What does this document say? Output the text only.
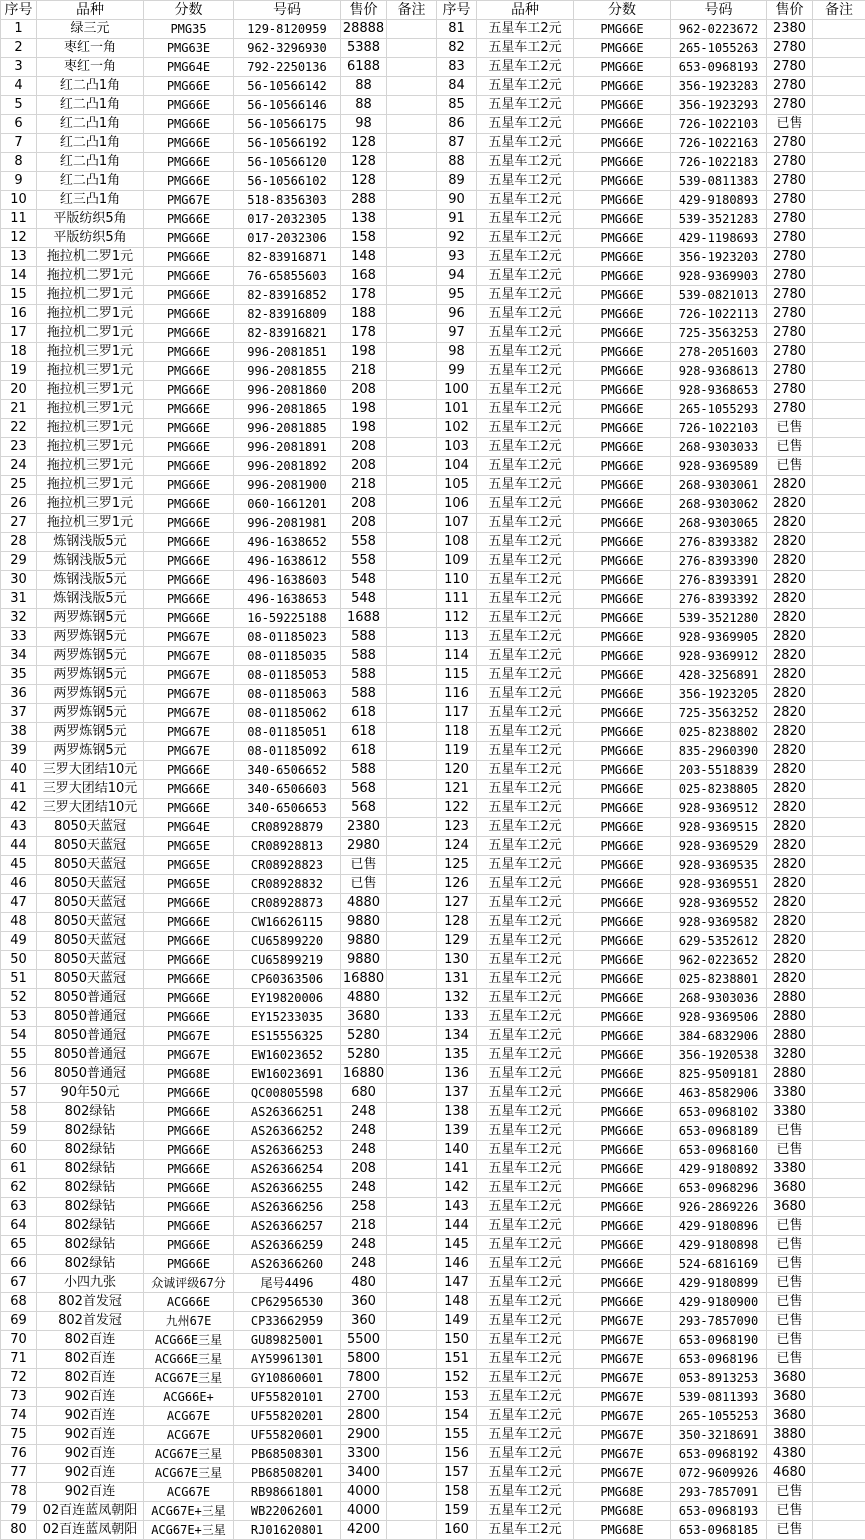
序号	品种	分数	号码	售价	备注	序号	品种	分数	号码	售价	备注
1	绿三元	PMG35	129-8120959	28888		81	五星车工2元	PMG66E	962-0223672	2380	
2	枣红一角	PMG63E	962-3296930	5388		82	五星车工2元	PMG66E	265-1055263	2780	
3	枣红一角	PMG64E	792-2250136	6188		83	五星车工2元	PMG66E	653-0968193	2780	
4	红二凸1角	PMG66E	56-10566142	88		84	五星车工2元	PMG66E	356-1923283	2780	
5	红二凸1角	PMG66E	56-10566146	88		85	五星车工2元	PMG66E	356-1923293	2780	
6	红二凸1角	PMG66E	56-10566175	98		86	五星车工2元	PMG66E	726-1022103	已售	
7	红二凸1角	PMG66E	56-10566192	128		87	五星车工2元	PMG66E	726-1022163	2780	
8	红二凸1角	PMG66E	56-10566120	128		88	五星车工2元	PMG66E	726-1022183	2780	
9	红二凸1角	PMG66E	56-10566102	128		89	五星车工2元	PMG66E	539-0811383	2780	
10	红三凸1角	PMG67E	518-8356303	288		90	五星车工2元	PMG66E	429-9180893	2780	
11	平版纺织5角	PMG66E	017-2032305	138		91	五星车工2元	PMG66E	539-3521283	2780	
12	平版纺织5角	PMG66E	017-2032306	158		92	五星车工2元	PMG66E	429-1198693	2780	
13	拖拉机二罗1元	PMG66E	82-83916871	148		93	五星车工2元	PMG66E	356-1923203	2780	
14	拖拉机二罗1元	PMG66E	76-65855603	168		94	五星车工2元	PMG66E	928-9369903	2780	
15	拖拉机二罗1元	PMG66E	82-83916852	178		95	五星车工2元	PMG66E	539-0821013	2780	
16	拖拉机二罗1元	PMG66E	82-83916809	188		96	五星车工2元	PMG66E	726-1022113	2780	
17	拖拉机二罗1元	PMG66E	82-83916821	178		97	五星车工2元	PMG66E	725-3563253	2780	
18	拖拉机三罗1元	PMG66E	996-2081851	198		98	五星车工2元	PMG66E	278-2051603	2780	
19	拖拉机三罗1元	PMG66E	996-2081855	218		99	五星车工2元	PMG66E	928-9368613	2780	
20	拖拉机三罗1元	PMG66E	996-2081860	208		100	五星车工2元	PMG66E	928-9368653	2780	
21	拖拉机三罗1元	PMG66E	996-2081865	198		101	五星车工2元	PMG66E	265-1055293	2780	
22	拖拉机三罗1元	PMG66E	996-2081885	198		102	五星车工2元	PMG66E	726-1022103	已售	
23	拖拉机三罗1元	PMG66E	996-2081891	208		103	五星车工2元	PMG66E	268-9303033	已售	
24	拖拉机三罗1元	PMG66E	996-2081892	208		104	五星车工2元	PMG66E	928-9369589	已售	
25	拖拉机三罗1元	PMG66E	996-2081900	218		105	五星车工2元	PMG66E	268-9303061	2820	
26	拖拉机三罗1元	PMG66E	060-1661201	208		106	五星车工2元	PMG66E	268-9303062	2820	
27	拖拉机三罗1元	PMG66E	996-2081981	208		107	五星车工2元	PMG66E	268-9303065	2820	
28	炼钢浅版5元	PMG66E	496-1638652	558		108	五星车工2元	PMG66E	276-8393382	2820	
29	炼钢浅版5元	PMG66E	496-1638612	558		109	五星车工2元	PMG66E	276-8393390	2820	
30	炼钢浅版5元	PMG66E	496-1638603	548		110	五星车工2元	PMG66E	276-8393391	2820	
31	炼钢浅版5元	PMG66E	496-1638653	548		111	五星车工2元	PMG66E	276-8393392	2820	
32	两罗炼钢5元	PMG66E	16-59225188	1688		112	五星车工2元	PMG66E	539-3521280	2820	
33	两罗炼钢5元	PMG67E	08-01185023	588		113	五星车工2元	PMG66E	928-9369905	2820	
34	两罗炼钢5元	PMG67E	08-01185035	588		114	五星车工2元	PMG66E	928-9369912	2820	
35	两罗炼钢5元	PMG67E	08-01185053	588		115	五星车工2元	PMG66E	428-3256891	2820	
36	两罗炼钢5元	PMG67E	08-01185063	588		116	五星车工2元	PMG66E	356-1923205	2820	
37	两罗炼钢5元	PMG67E	08-01185062	618		117	五星车工2元	PMG66E	725-3563252	2820	
38	两罗炼钢5元	PMG67E	08-01185051	618		118	五星车工2元	PMG66E	025-8238802	2820	
39	两罗炼钢5元	PMG67E	08-01185092	618		119	五星车工2元	PMG66E	835-2960390	2820	
40	三罗大团结10元	PMG66E	340-6506652	588		120	五星车工2元	PMG66E	203-5518839	2820	
41	三罗大团结10元	PMG66E	340-6506603	568		121	五星车工2元	PMG66E	025-8238805	2820	
42	三罗大团结10元	PMG66E	340-6506653	568		122	五星车工2元	PMG66E	928-9369512	2820	
43	8050天蓝冠	PMG64E	CR08928879	2380		123	五星车工2元	PMG66E	928-9369515	2820	
44	8050天蓝冠	PMG65E	CR08928813	2980		124	五星车工2元	PMG66E	928-9369529	2820	
45	8050天蓝冠	PMG65E	CR08928823	已售		125	五星车工2元	PMG66E	928-9369535	2820	
46	8050天蓝冠	PMG65E	CR08928832	已售		126	五星车工2元	PMG66E	928-9369551	2820	
47	8050天蓝冠	PMG66E	CR08928873	4880		127	五星车工2元	PMG66E	928-9369552	2820	
48	8050天蓝冠	PMG66E	CW16626115	9880		128	五星车工2元	PMG66E	928-9369582	2820	
49	8050天蓝冠	PMG66E	CU65899220	9880		129	五星车工2元	PMG66E	629-5352612	2820	
50	8050天蓝冠	PMG66E	CU65899219	9880		130	五星车工2元	PMG66E	962-0223652	2820	
51	8050天蓝冠	PMG66E	CP60363506	16880		131	五星车工2元	PMG66E	025-8238801	2820	
52	8050普通冠	PMG66E	EY19820006	4880		132	五星车工2元	PMG66E	268-9303036	2880	
53	8050普通冠	PMG66E	EY15233035	3680		133	五星车工2元	PMG66E	928-9369506	2880	
54	8050普通冠	PMG67E	ES15556325	5280		134	五星车工2元	PMG66E	384-6832906	2880	
55	8050普通冠	PMG67E	EW16023652	5280		135	五星车工2元	PMG66E	356-1920538	3280	
56	8050普通冠	PMG68E	EW16023691	16880		136	五星车工2元	PMG66E	825-9509181	2880	
57	90年50元	PMG66E	QC00805598	680		137	五星车工2元	PMG66E	463-8582906	3380	
58	802绿钻	PMG66E	AS26366251	248		138	五星车工2元	PMG66E	653-0968102	3380	
59	802绿钻	PMG66E	AS26366252	248		139	五星车工2元	PMG66E	653-0968189	已售	
60	802绿钻	PMG66E	AS26366253	248		140	五星车工2元	PMG66E	653-0968160	已售	
61	802绿钻	PMG66E	AS26366254	208		141	五星车工2元	PMG66E	429-9180892	3380	
62	802绿钻	PMG66E	AS26366255	248		142	五星车工2元	PMG66E	653-0968296	3680	
63	802绿钻	PMG66E	AS26366256	258		143	五星车工2元	PMG66E	926-2869226	3680	
64	802绿钻	PMG66E	AS26366257	218		144	五星车工2元	PMG66E	429-9180896	已售	
65	802绿钻	PMG66E	AS26366259	248		145	五星车工2元	PMG66E	429-9180898	已售	
66	802绿钻	PMG66E	AS26366260	248		146	五星车工2元	PMG66E	524-6816169	已售	
67	小四九张	众诚评级67分	尾号4496	480		147	五星车工2元	PMG66E	429-9180899	已售	
68	802首发冠	ACG66E	CP62956530	360		148	五星车工2元	PMG66E	429-9180900	已售	
69	802首发冠	九州67E	CP33662959	360		149	五星车工2元	PMG67E	293-7857090	已售	
70	802百连	ACG66E三星	GU89825001	5500		150	五星车工2元	PMG67E	653-0968190	已售	
71	802百连	ACG66E三星	AY59961301	5800		151	五星车工2元	PMG67E	653-0968196	已售	
72	802百连	ACG67E三星	GY10860601	7800		152	五星车工2元	PMG67E	053-8913253	3680	
73	902百连	ACG66E+	UF55820101	2700		153	五星车工2元	PMG67E	539-0811393	3680	
74	902百连	ACG67E	UF55820201	2800		154	五星车工2元	PMG67E	265-1055253	3680	
75	902百连	ACG67E	UF55820601	2900		155	五星车工2元	PMG67E	350-3218691	3880	
76	902百连	ACG67E三星	PB68508301	3300		156	五星车工2元	PMG67E	653-0968192	4380	
77	902百连	ACG67E三星	PB68508201	3400		157	五星车工2元	PMG67E	072-9609926	4680	
78	902百连	ACG67E	RB98661801	4000		158	五星车工2元	PMG68E	293-7857091	已售	
79	02百连蓝凤朝阳	ACG67E+三星	WB22062601	4000		159	五星车工2元	PMG68E	653-0968193	已售	
80	02百连蓝凤朝阳	ACG67E+三星	RJ01620801	4200		160	五星车工2元	PMG68E	653-0968185	已售	
